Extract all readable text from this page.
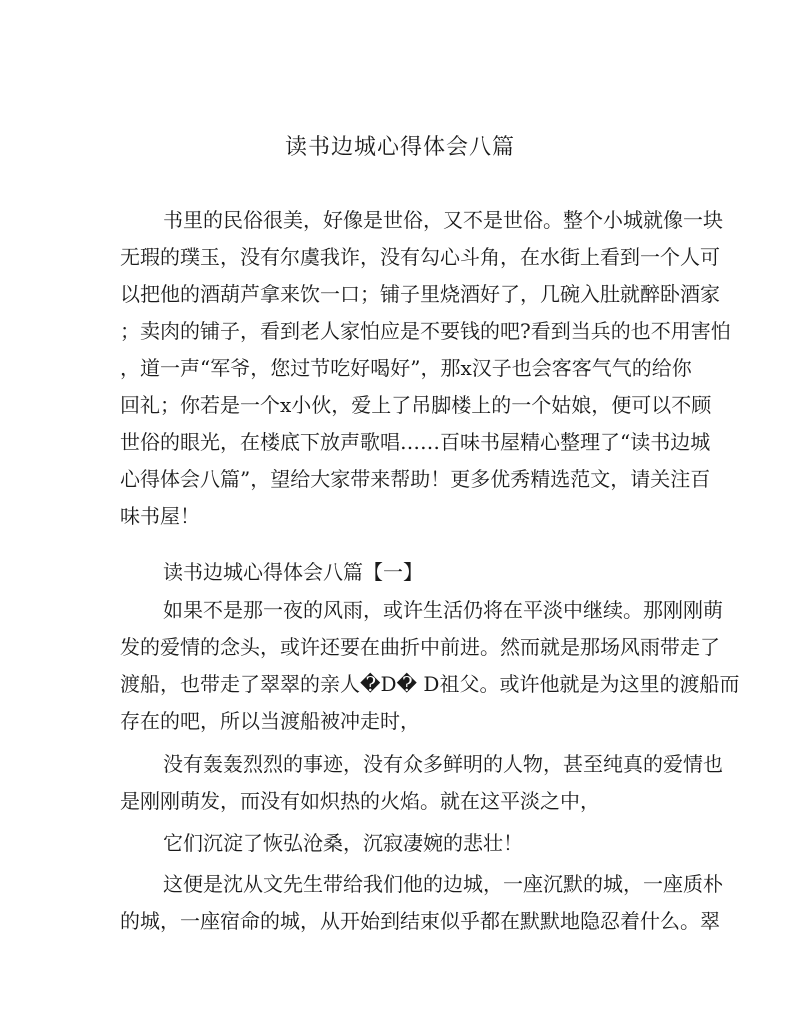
读书边城心得体会八篇
书里的民俗很美，好像是世俗，又不是世俗。整个小城就像一块
无瑕的璞玉，没有尔虞我诈，没有勾心斗角，在水街上看到一个人可
以把他的酒葫芦拿来饮一口；铺子里烧酒好了，几碗入肚就醉卧酒家
；卖肉的铺子，看到老人家怕应是不要钱的吧?看到当兵的也不用害怕
，道一声“军爷，您过节吃好喝好”，那x汉子也会客客气气的给你
回礼；你若是一个x小伙，爱上了吊脚楼上的一个姑娘，便可以不顾
世俗的眼光，在楼底下放声歌唱……百味书屋精心整理了“读书边城
心得体会八篇”，望给大家带来帮助！更多优秀精选范文，请关注百
味书屋！
读书边城心得体会八篇【一】
如果不是那一夜的风雨，或许生活仍将在平淡中继续。那刚刚萌
发的爱情的念头，或许还要在曲折中前进。然而就是那场风雨带走了
渡船，也带走了翠翠的亲人�D� D祖父。或许他就是为这里的渡船而
存在的吧，所以当渡船被冲走时，
没有轰轰烈烈的事迹，没有众多鲜明的人物，甚至纯真的爱情也
是刚刚萌发，而没有如炽热的火焰。就在这平淡之中，
它们沉淀了恢弘沧桑，沉寂凄婉的悲壮！
这便是沈从文先生带给我们他的边城，一座沉默的城，一座质朴
的城，一座宿命的城，从开始到结束似乎都在默默地隐忍着什么。翠
